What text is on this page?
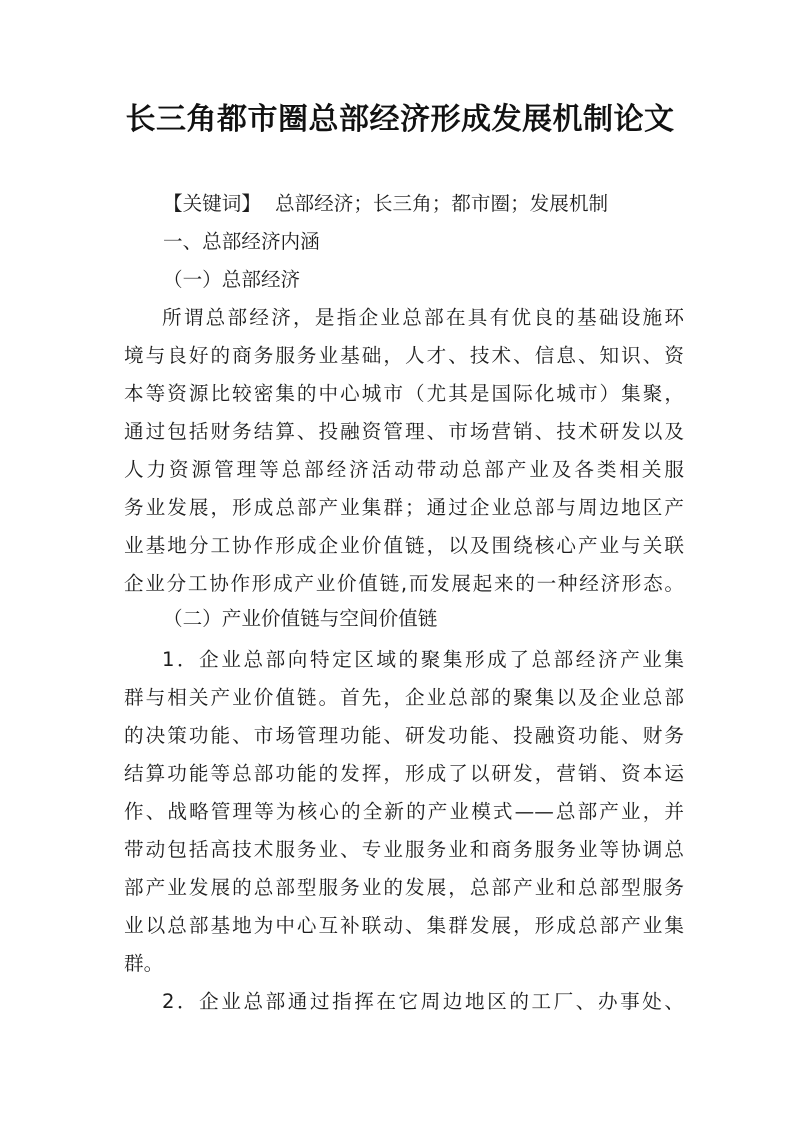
长三角都市圈总部经济形成发展机制论文
【关键词】 总部经济；长三角；都市圈；发展机制
一、总部经济内涵
（一）总部经济
所谓总部经济，是指企业总部在具有优良的基础设施环
境与良好的商务服务业基础，人才、技术、信息、知识、资
本等资源比较密集的中心城市（尤其是国际化城市）集聚，
通过包括财务结算、投融资管理、市场营销、技术研发以及
人力资源管理等总部经济活动带动总部产业及各类相关服
务业发展，形成总部产业集群；通过企业总部与周边地区产
业基地分工协作形成企业价值链，以及围绕核心产业与关联
企业分工协作形成产业价值链,而发展起来的一种经济形态。
（二）产业价值链与空间价值链
1．企业总部向特定区域的聚集形成了总部经济产业集
群与相关产业价值链。首先，企业总部的聚集以及企业总部
的决策功能、市场管理功能、研发功能、投融资功能、财务
结算功能等总部功能的发挥，形成了以研发，营销、资本运
作、战略管理等为核心的全新的产业模式——总部产业，并
带动包括高技术服务业、专业服务业和商务服务业等协调总
部产业发展的总部型服务业的发展，总部产业和总部型服务
业以总部基地为中心互补联动、集群发展，形成总部产业集
群。
2．企业总部通过指挥在它周边地区的工厂、办事处、
